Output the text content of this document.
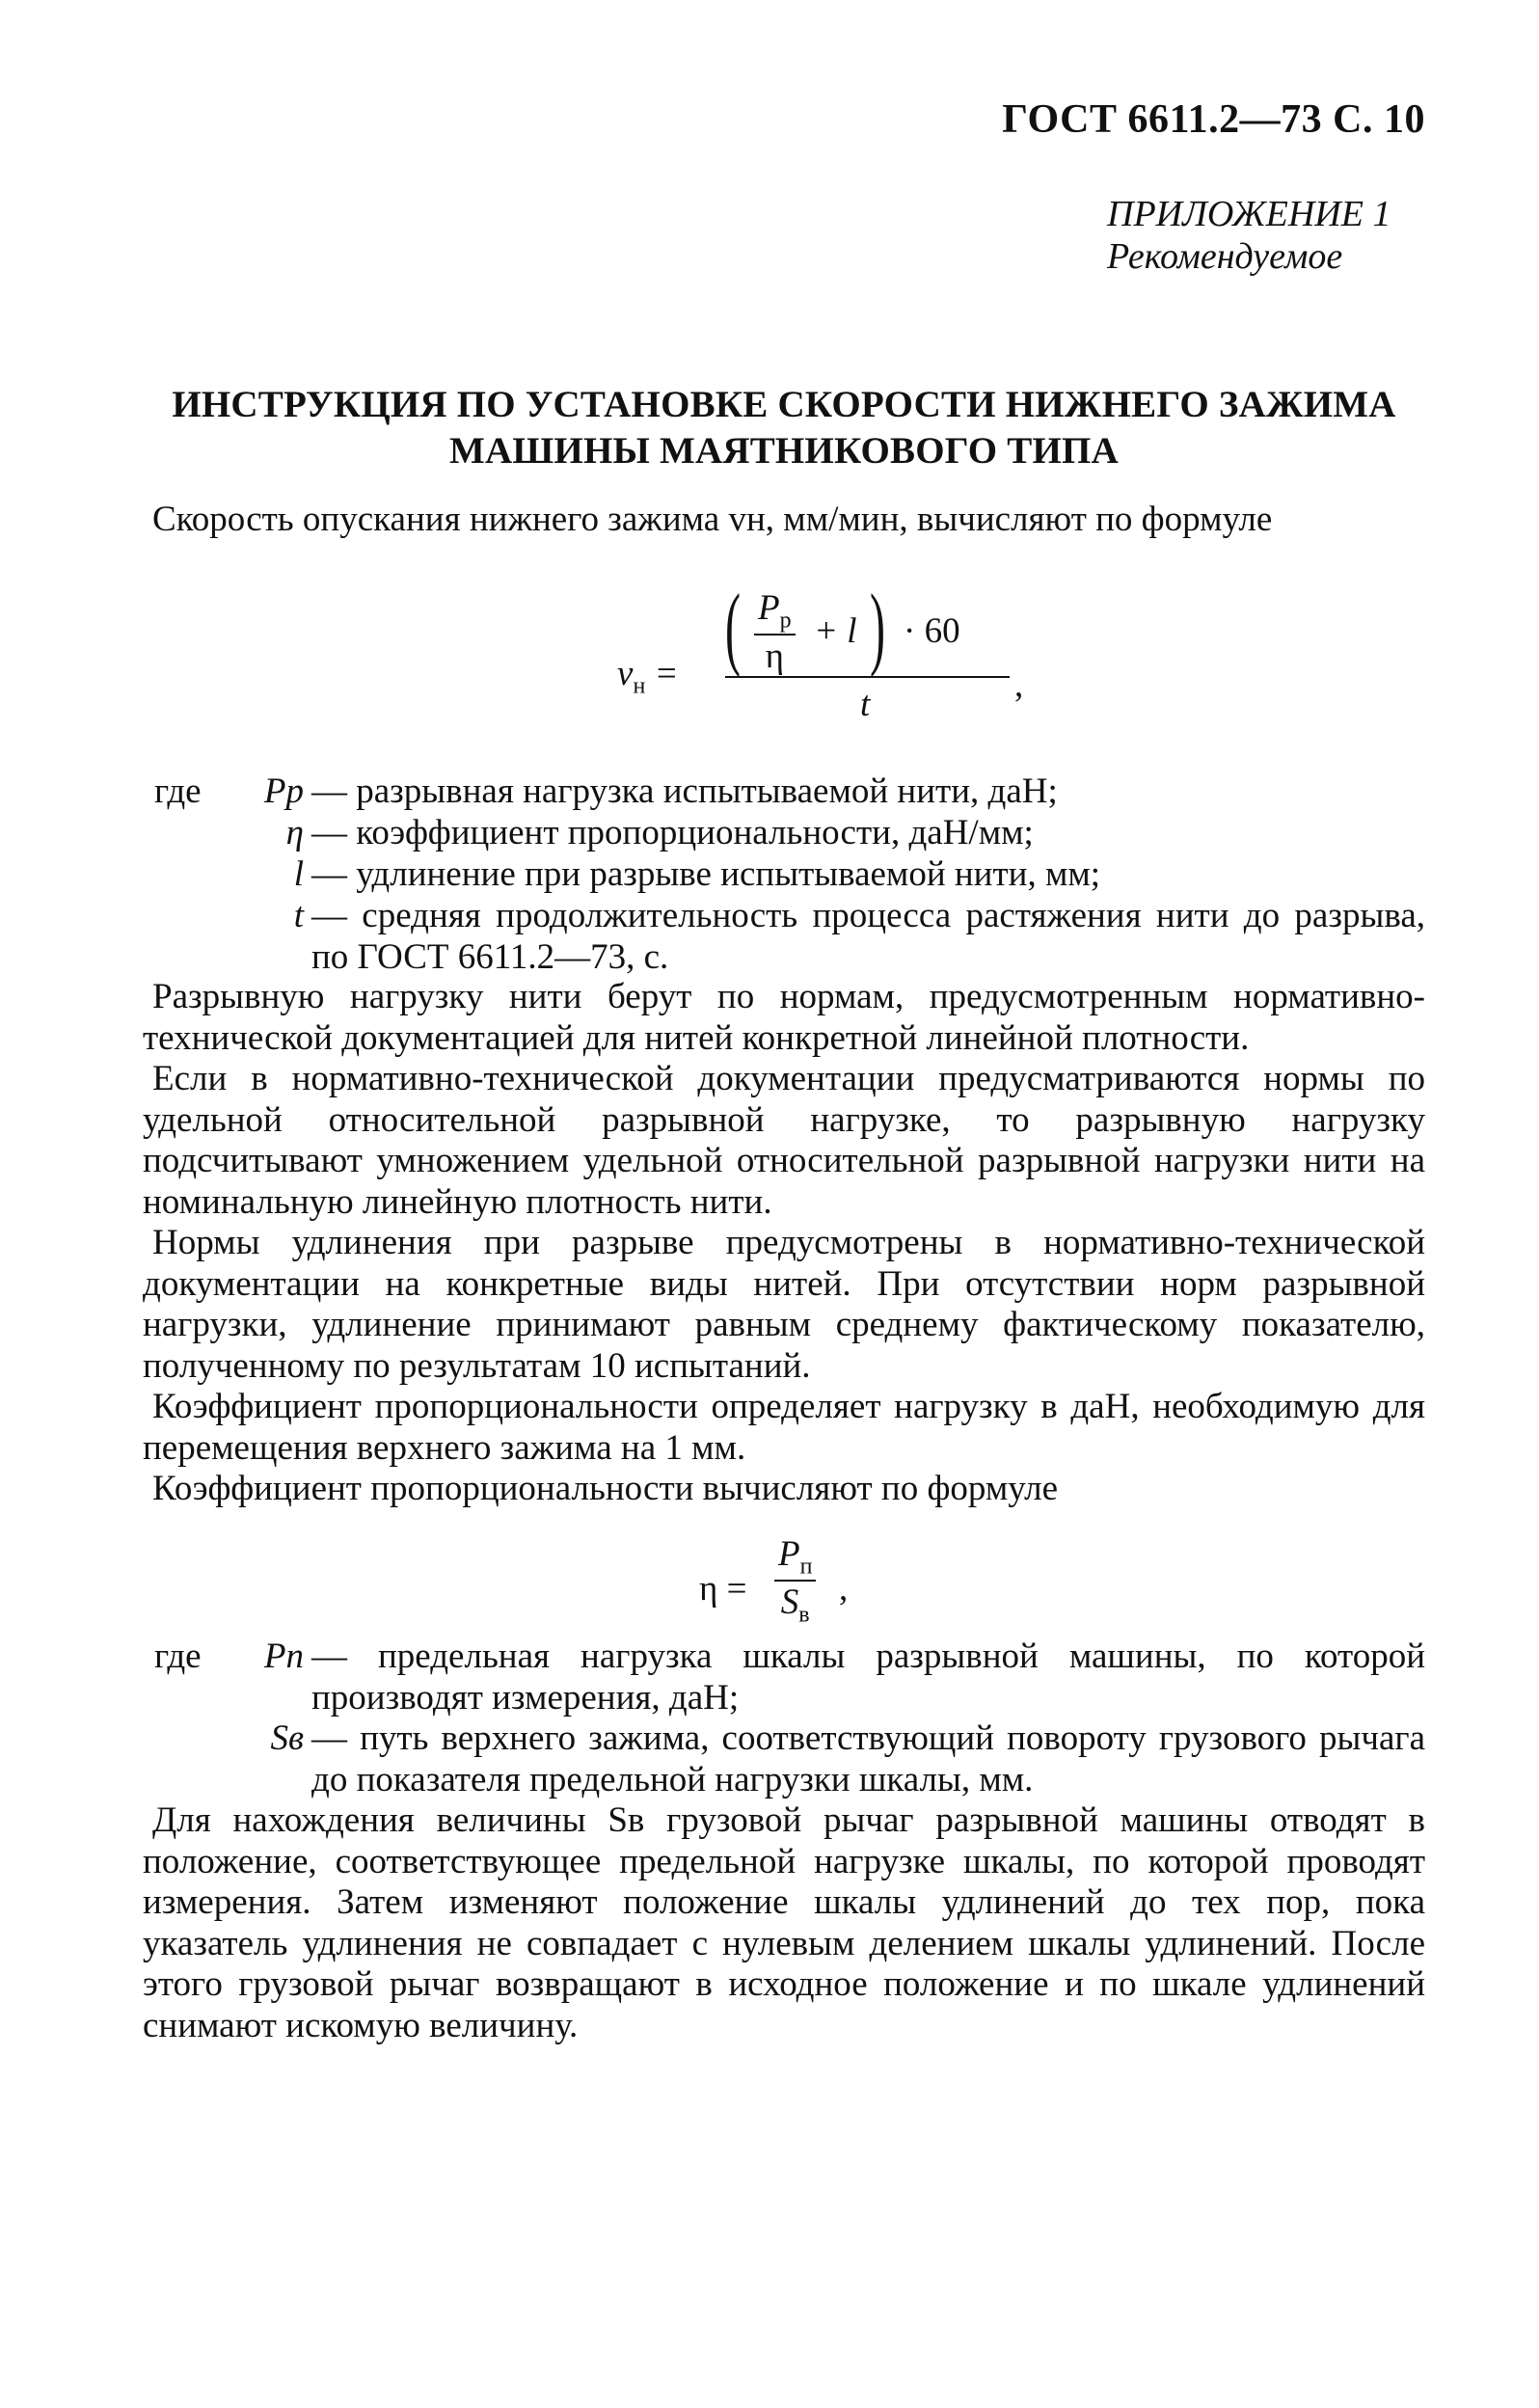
ГОСТ 6611.2—73 С. 10
ПРИЛОЖЕНИЕ 1
Рекомендуемое
ИНСТРУКЦИЯ ПО УСТАНОВКЕ СКОРОСТИ НИЖНЕГО ЗАЖИМА
МАШИНЫ МАЯТНИКОВОГО ТИПА
Скорость опускания нижнего зажима vн, мм/мин, вычисляют по формуле
$v_н$ = ( $P_р$
η
+ l ) · 60
t	,
где	Pр — разрывная нагрузка испытываемой нити, даН;
η — коэффициент пропорциональности, даН/мм;
l — удлинение при разрыве испытываемой нити, мм;
t — средняя продолжительность процесса растяжения нити до разрыва, по ГОСТ 6611.2—73, с.
Разрывную нагрузку нити берут по нормам, предусмотренным нормативно-технической документацией для нитей конкретной линейной плотности.
Если в нормативно-технической документации предусматриваются нормы по удельной относительной разрывной нагрузке, то разрывную нагрузку подсчитывают умножением удельной относительной разрывной нагрузки нити на номинальную линейную плотность нити.
Нормы удлинения при разрыве предусмотрены в нормативно-технической документации на конкретные виды нитей. При отсутствии норм разрывной нагрузки, удлинение принимают равным среднему фактическому показателю, полученному по результатам 10 испытаний.
Коэффициент пропорциональности определяет нагрузку в даН, необходимую для перемещения верхнего зажима на 1 мм.
Коэффициент пропорциональности вычисляют по формуле
η =
$P_п$
$S_в$
,
где	Pп — предельная нагрузка шкалы разрывной машины, по которой производят измерения, даН;
Sв — путь верхнего зажима, соответствующий повороту грузового рычага до показателя предельной нагрузки шкалы, мм.
Для нахождения величины Sв грузовой рычаг разрывной машины отводят в положение, соответствующее предельной нагрузке шкалы, по которой проводят измерения. Затем изменяют положение шкалы удлинений до тех пор, пока указатель удлинения не совпадает с нулевым делением шкалы удлинений. После этого грузовой рычаг возвращают в исходное положение и по шкале удлинений снимают искомую величину.
